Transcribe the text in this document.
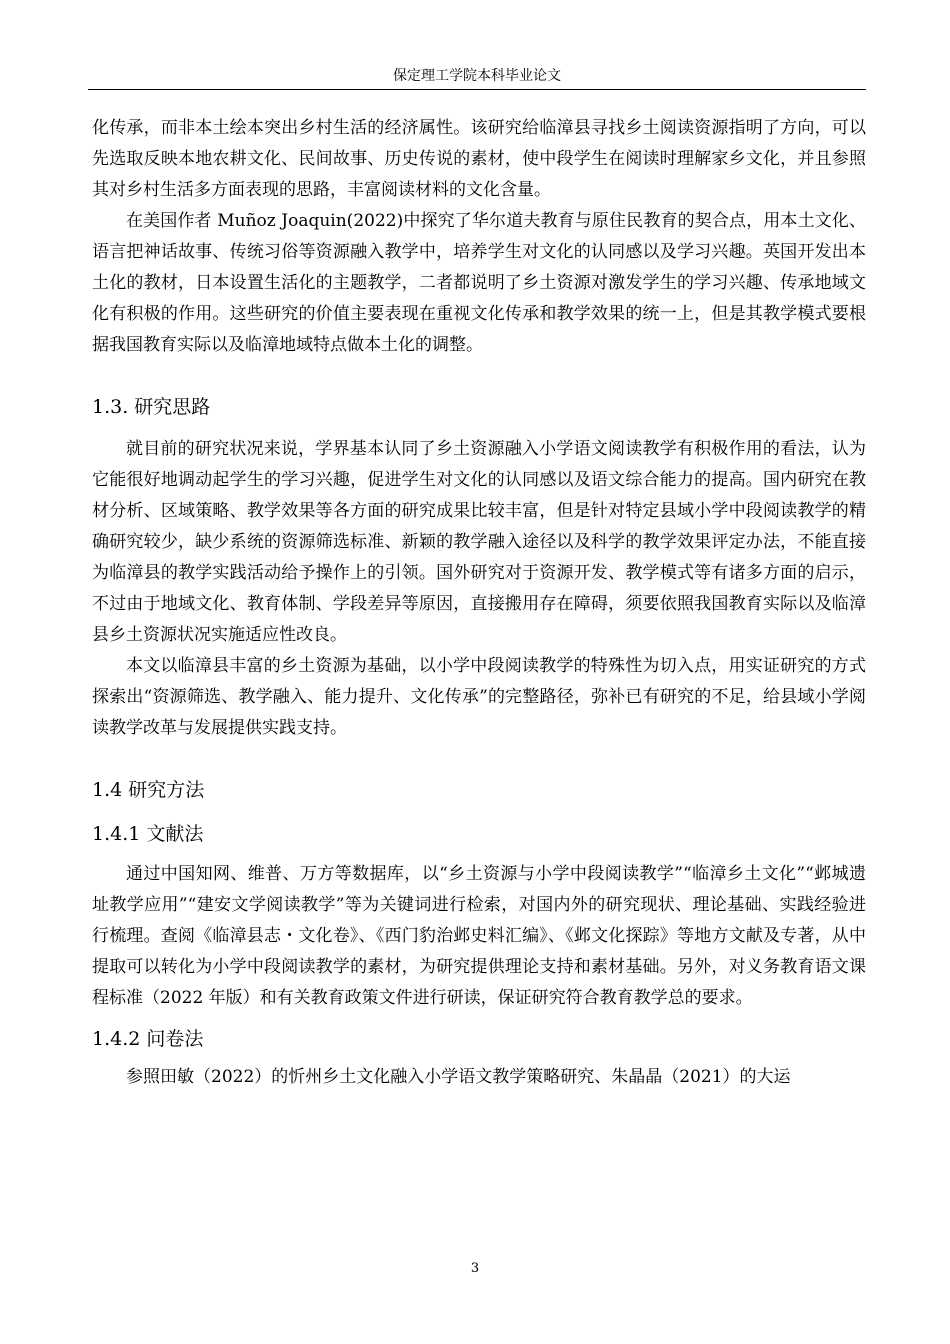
保定理工学院本科毕业论文

化传承，而非本土绘本突出乡村生活的经济属性。该研究给临漳县寻找乡土阅读资源指明了方向，可以先选取反映本地农耕文化、民间故事、历史传说的素材，使中段学生在阅读时理解家乡文化，并且参照其对乡村生活多方面表现的思路，丰富阅读材料的文化含量。

在美国作者 Muñoz Joaquin(2022)中探究了华尔道夫教育与原住民教育的契合点，用本土文化、语言把神话故事、传统习俗等资源融入教学中，培养学生对文化的认同感以及学习兴趣。英国开发出本土化的教材，日本设置生活化的主题教学，二者都说明了乡土资源对激发学生的学习兴趣、传承地域文化有积极的作用。这些研究的价值主要表现在重视文化传承和教学效果的统一上，但是其教学模式要根据我国教育实际以及临漳地域特点做本土化的调整。

1.3. 研究思路

就目前的研究状况来说，学界基本认同了乡土资源融入小学语文阅读教学有积极作用的看法，认为它能很好地调动起学生的学习兴趣，促进学生对文化的认同感以及语文综合能力的提高。国内研究在教材分析、区域策略、教学效果等各方面的研究成果比较丰富，但是针对特定县域小学中段阅读教学的精确研究较少，缺少系统的资源筛选标准、新颖的教学融入途径以及科学的教学效果评定办法，不能直接为临漳县的教学实践活动给予操作上的引领。国外研究对于资源开发、教学模式等有诸多方面的启示，不过由于地域文化、教育体制、学段差异等原因，直接搬用存在障碍，须要依照我国教育实际以及临漳县乡土资源状况实施适应性改良。

本文以临漳县丰富的乡土资源为基础，以小学中段阅读教学的特殊性为切入点，用实证研究的方式探索出“资源筛选、教学融入、能力提升、文化传承”的完整路径，弥补已有研究的不足，给县域小学阅读教学改革与发展提供实践支持。

1.4 研究方法
1.4.1 文献法

通过中国知网、维普、万方等数据库，以“乡土资源与小学中段阅读教学”“临漳乡土文化”“邺城遗址教学应用”“建安文学阅读教学”等为关键词进行检索，对国内外的研究现状、理论基础、实践经验进行梳理。查阅《临漳县志・文化卷》、《西门豹治邺史料汇编》、《邺文化探踪》等地方文献及专著，从中提取可以转化为小学中段阅读教学的素材，为研究提供理论支持和素材基础。另外，对义务教育语文课程标准（2022 年版）和有关教育政策文件进行研读，保证研究符合教育教学总的要求。

1.4.2 问卷法

参照田敏（2022）的忻州乡土文化融入小学语文教学策略研究、朱晶晶（2021）的大运

3
